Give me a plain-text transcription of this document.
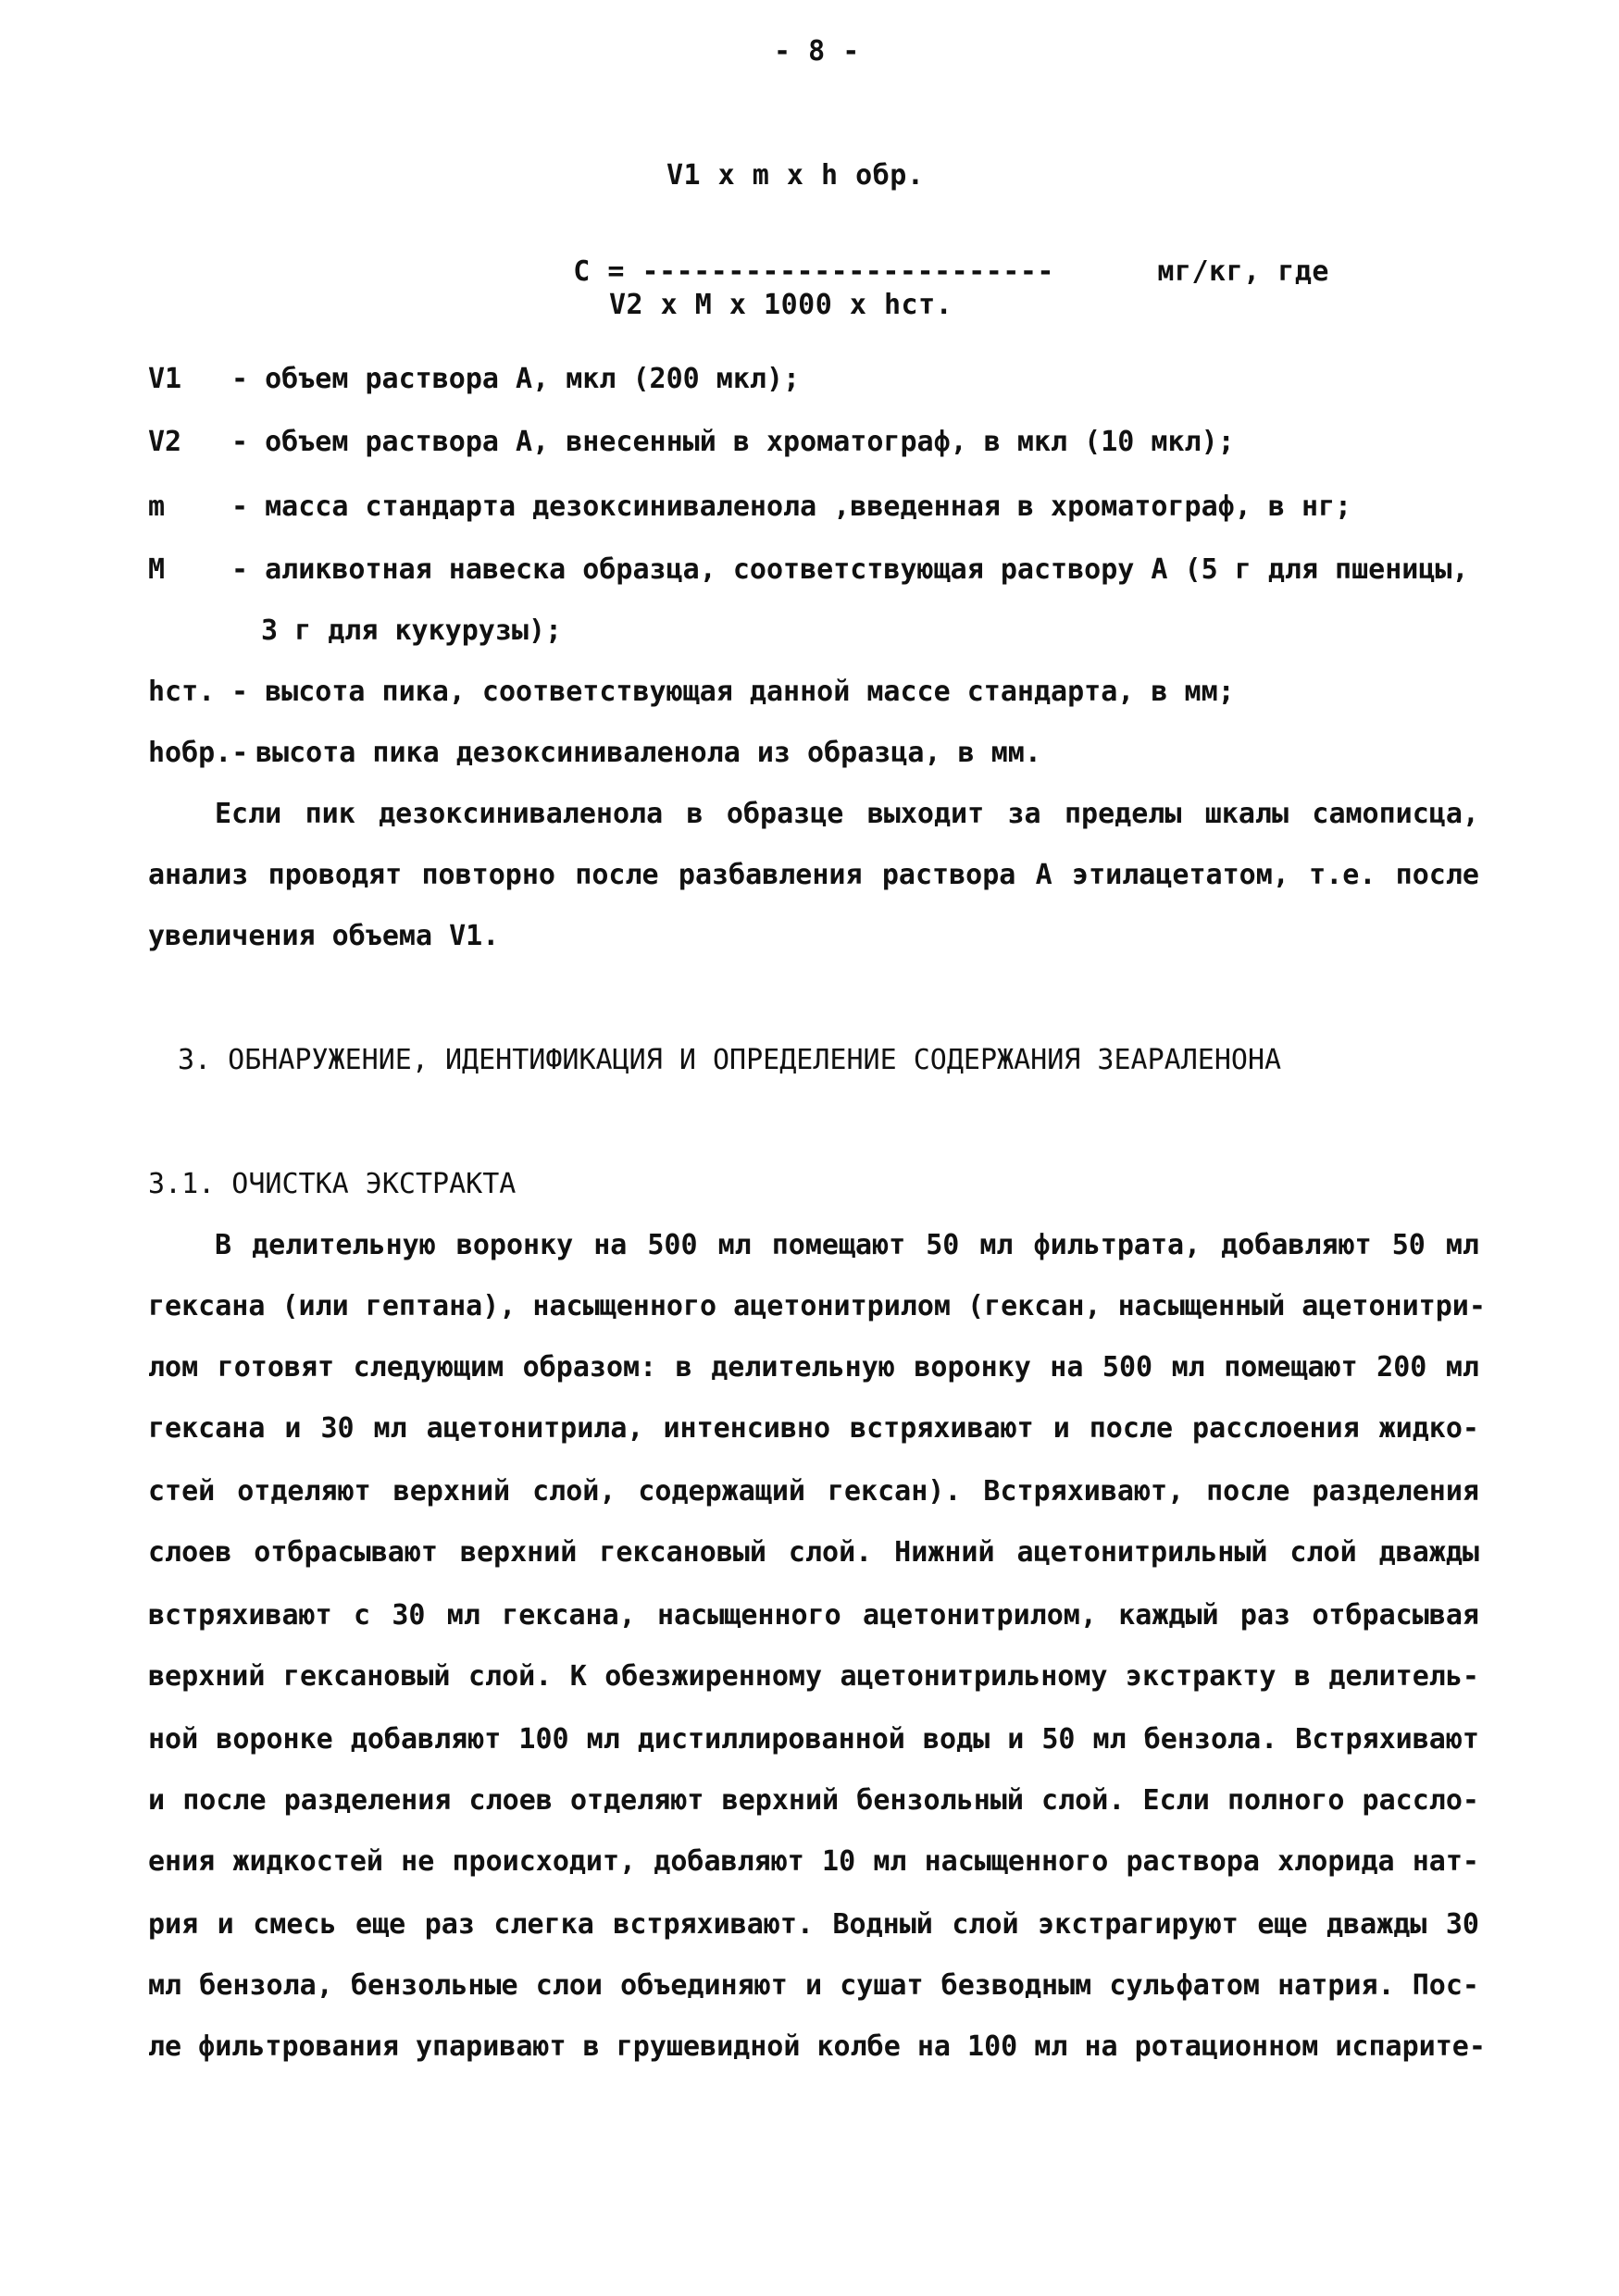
- 8 -
V1 x m x h обр.

C = ------------------------	мг/кг, где

V2 x M x 1000 x hст.
V1 - объем раствора А, мкл (200 мкл);
V2 - объем раствора А, внесенный в хроматограф, в мкл (10 мкл);
m - масса стандарта дезоксиниваленола ,введенная в хроматограф, в нг;
M - аликвотная навеска образца, соответствующая раствору А (5 г для пшеницы,
3 г для кукурузы);
hст. - высота пика, соответствующая данной массе стандарта, в мм;
hобр.- высота пика дезоксиниваленола из образца, в мм.
Если пик дезоксиниваленола в образце выходит за пределы шкалы самописца,
анализ проводят повторно после разбавления раствора А этилацетатом, т.е. после
увеличения объема V1.
3. ОБНАРУЖЕНИЕ, ИДЕНТИФИКАЦИЯ И ОПРЕДЕЛЕНИЕ СОДЕРЖАНИЯ ЗЕАРАЛЕНОНА
3.1. ОЧИСТКА ЭКСТРАКТА
В делительную воронку на 500 мл помещают 50 мл фильтрата, добавляют 50 мл
гексана (или гептана), насыщенного ацетонитрилом (гексан, насыщенный ацетонитри-
лом готовят следующим образом: в делительную воронку на 500 мл помещают 200 мл
гексана и 30 мл ацетонитрила, интенсивно встряхивают и после расслоения жидко-
стей отделяют верхний слой, содержащий гексан). Встряхивают, после разделения
слоев отбрасывают верхний гексановый слой. Нижний ацетонитрильный слой дважды
встряхивают с 30 мл гексана, насыщенного ацетонитрилом, каждый раз отбрасывая
верхний гексановый слой. К обезжиренному ацетонитрильному экстракту в делитель-
ной воронке добавляют 100 мл дистиллированной воды и 50 мл бензола. Встряхивают
и после разделения слоев отделяют верхний бензольный слой. Если полного рассло-
ения жидкостей не происходит, добавляют 10 мл насыщенного раствора хлорида нат-
рия и смесь еще раз слегка встряхивают. Водный слой экстрагируют еще дважды 30
мл бензола, бензольные слои объединяют и сушат безводным сульфатом натрия. Пос-
ле фильтрования упаривают в грушевидной колбе на 100 мл на ротационном испарите-
